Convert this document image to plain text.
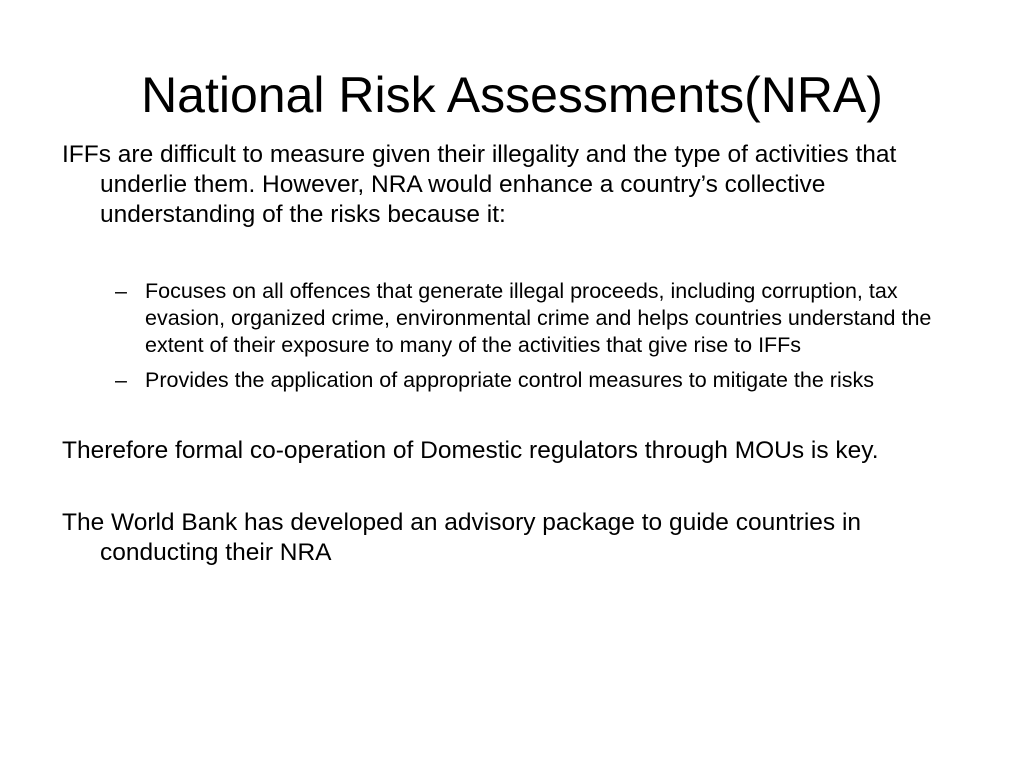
National Risk Assessments(NRA)

IFFs are difficult to measure given their illegality and the type of activities that underlie them. However, NRA would enhance a country’s collective understanding of the risks because it:

– Focuses on all offences that generate illegal proceeds, including corruption, tax evasion, organized crime, environmental crime and helps countries understand the extent of their exposure to many of the activities that give rise to IFFs
– Provides the application of appropriate control measures to mitigate the risks

Therefore formal co-operation of Domestic regulators through MOUs is key.

The World Bank has developed an advisory package to guide countries in conducting their NRA
